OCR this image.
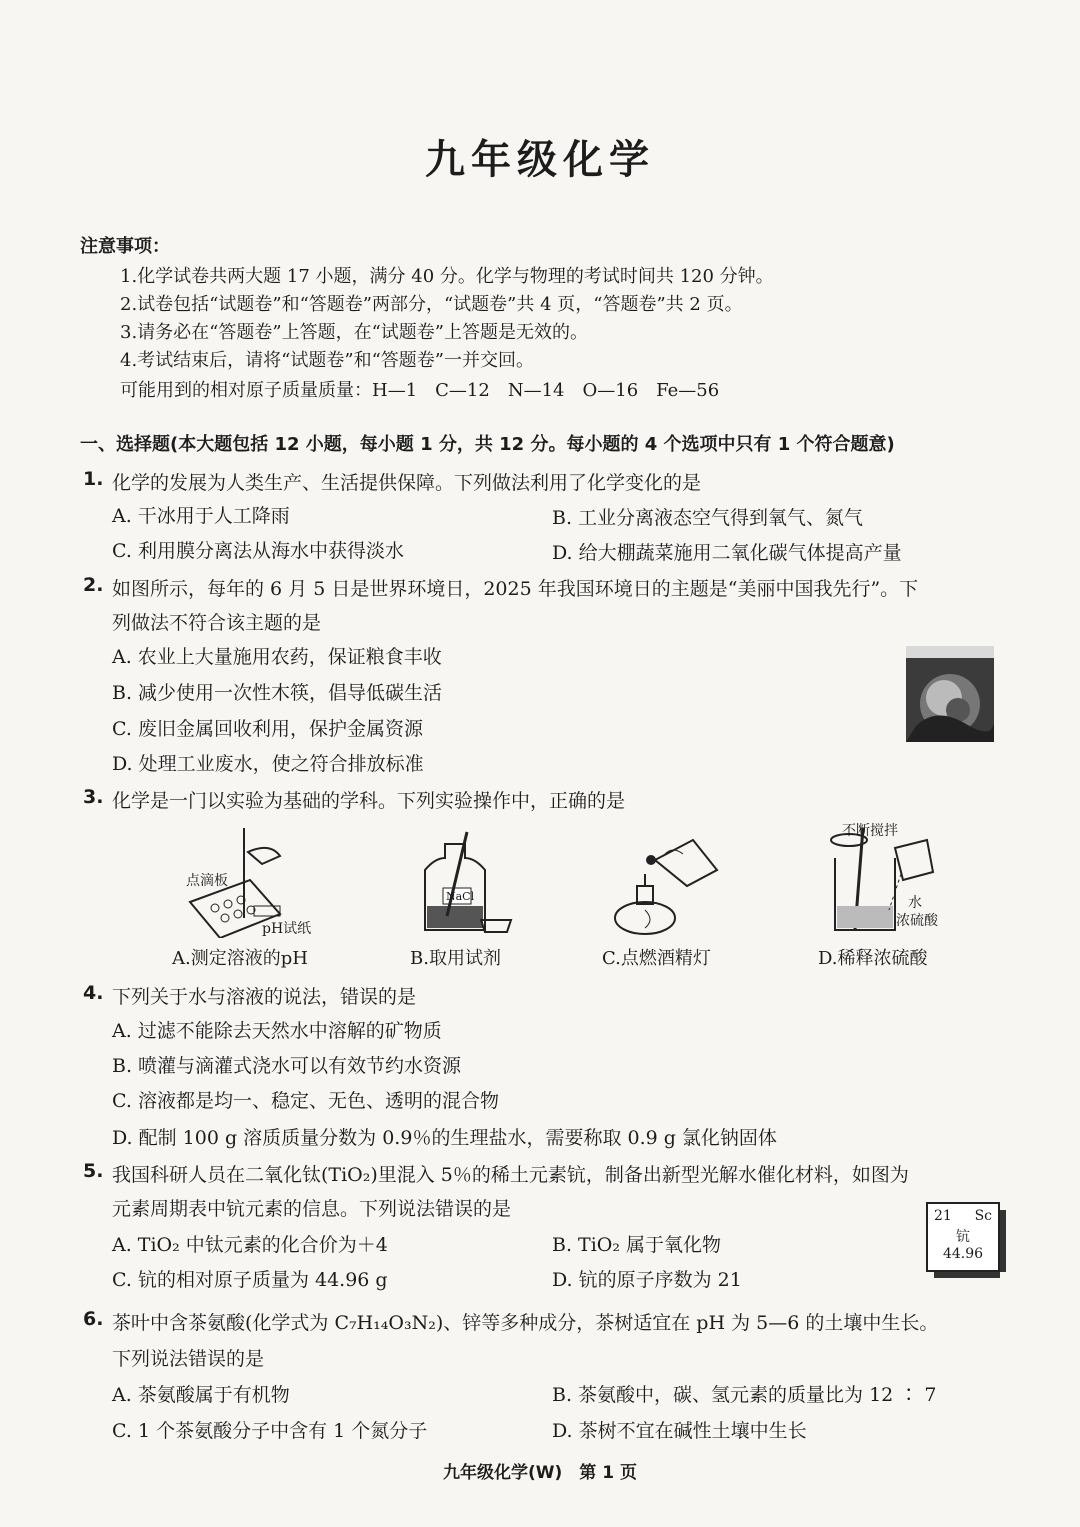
九年级化学
注意事项：
1.化学试卷共两大题 17 小题，满分 40 分。化学与物理的考试时间共 120 分钟。
2.试卷包括“试题卷”和“答题卷”两部分，“试题卷”共 4 页，“答题卷”共 2 页。
3.请务必在“答题卷”上答题，在“试题卷”上答题是无效的。
4.考试结束后，请将“试题卷”和“答题卷”一并交回。
可能用到的相对原子质量质量：H—1　C—12　N—14　O—16　Fe—56
一、选择题(本大题包括 12 小题，每小题 1 分，共 12 分。每小题的 4 个选项中只有 1 个符合题意)
1. 化学的发展为人类生产、生活提供保障。下列做法利用了化学变化的是
A. 干冰用于人工降雨	B. 工业分离液态空气得到氧气、氮气
C. 利用膜分离法从海水中获得淡水	D. 给大棚蔬菜施用二氧化碳气体提高产量
2. 如图所示，每年的 6 月 5 日是世界环境日，2025 年我国环境日的主题是“美丽中国我先行”。下
列做法不符合该主题的是
A. 农业上大量施用农药，保证粮食丰收
B. 减少使用一次性木筷，倡导低碳生活
C. 废旧金属回收利用，保护金属资源
D. 处理工业废水，使之符合排放标准
3. 化学是一门以实验为基础的学科。下列实验操作中，正确的是
点滴板
pH试纸
NaCl
不断搅拌
水
浓硫酸
A.测定溶液的pH	B.取用试剂	C.点燃酒精灯	D.稀释浓硫酸
4. 下列关于水与溶液的说法，错误的是
A. 过滤不能除去天然水中溶解的矿物质
B. 喷灌与滴灌式浇水可以有效节约水资源
C. 溶液都是均一、稳定、无色、透明的混合物
D. 配制 100 g 溶质质量分数为 0.9％的生理盐水，需要称取 0.9 g 氯化钠固体
5. 我国科研人员在二氧化钛(TiO₂)里混入 5％的稀土元素钪，制备出新型光解水催化材料，如图为
元素周期表中钪元素的信息。下列说法错误的是
A. TiO₂ 中钛元素的化合价为＋4	B. TiO₂ 属于氧化物
C. 钪的相对原子质量为 44.96 g	D. 钪的原子序数为 21
21 Sc
钪
44.96
6. 茶叶中含茶氨酸(化学式为 C₇H₁₄O₃N₂)、锌等多种成分，茶树适宜在 pH 为 5—6 的土壤中生长。
下列说法错误的是
A. 茶氨酸属于有机物	B. 茶氨酸中，碳、氢元素的质量比为 12 ∶ 7
C. 1 个茶氨酸分子中含有 1 个氮分子	D. 茶树不宜在碱性土壤中生长
九年级化学(W)　第 1 页
